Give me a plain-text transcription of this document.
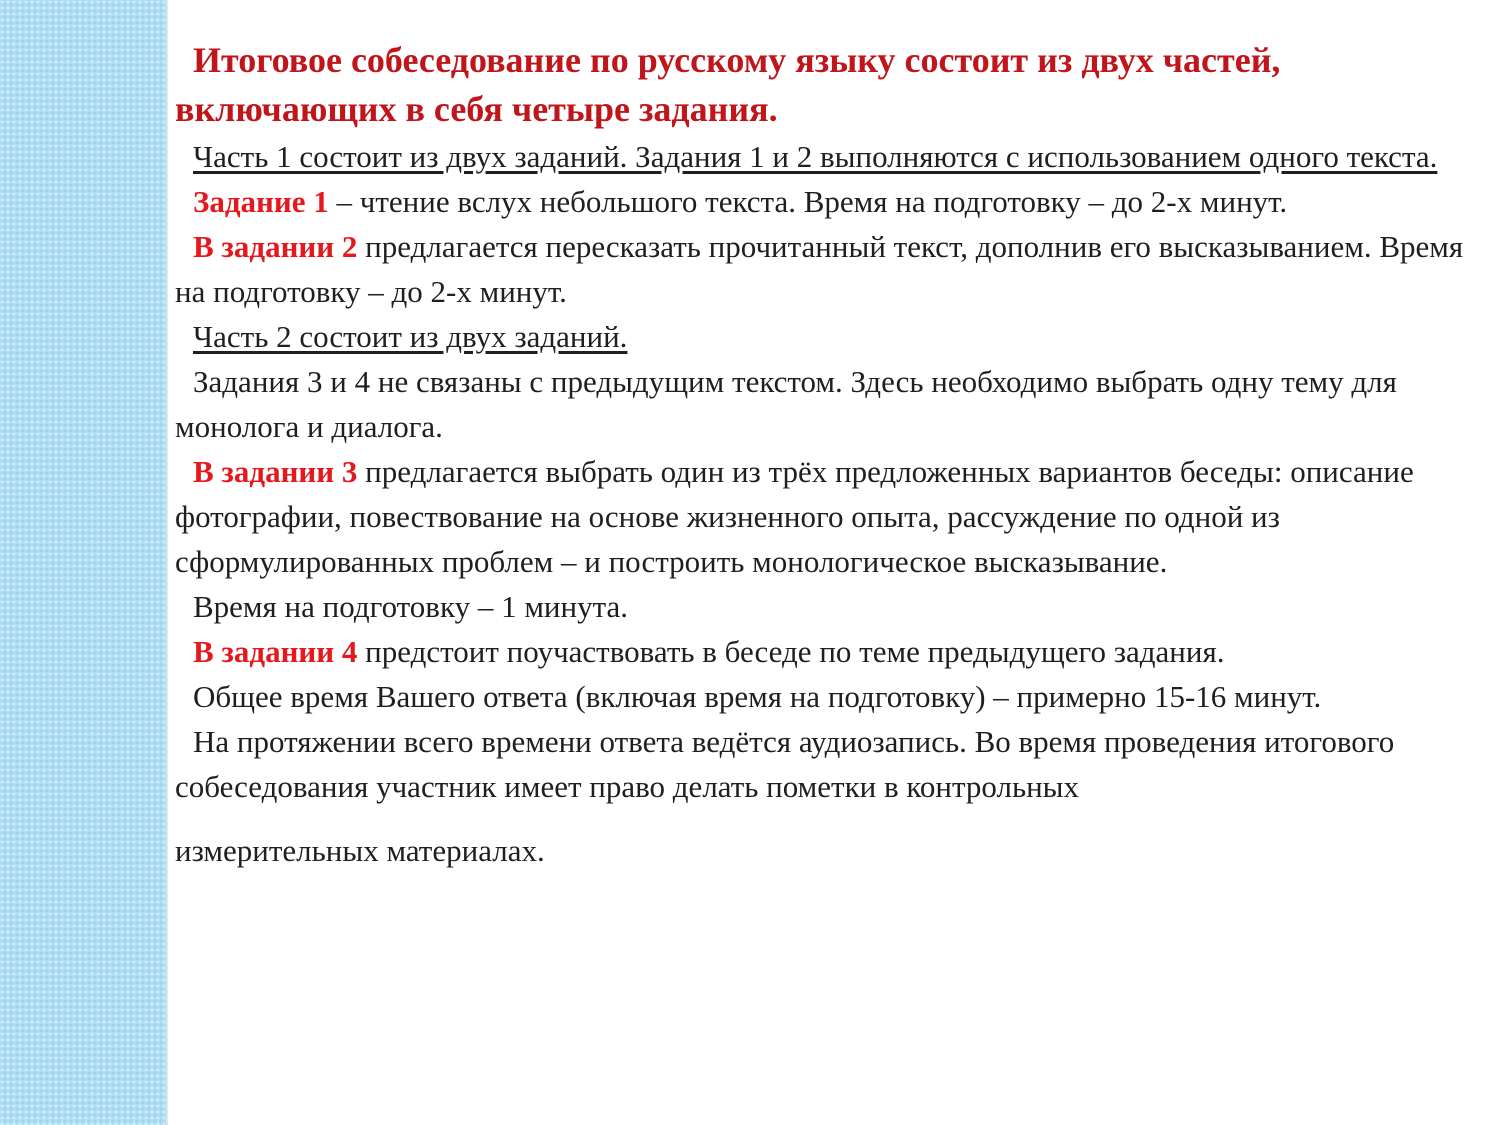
Итоговое собеседование по русскому языку состоит из двух частей, включающих в себя четыре задания.

Часть 1 состоит из двух заданий. Задания 1 и 2 выполняются с использованием одного текста.

Задание 1 – чтение вслух небольшого текста. Время на подготовку – до 2-х минут.

В задании 2 предлагается пересказать прочитанный текст, дополнив его высказыванием. Время на подготовку – до 2-х минут.

Часть 2 состоит из двух заданий.

Задания 3 и 4 не связаны с предыдущим текстом. Здесь необходимо выбрать одну тему для монолога и диалога.

В задании 3 предлагается выбрать один из трёх предложенных вариантов беседы: описание фотографии, повествование на основе жизненного опыта, рассуждение по одной из сформулированных проблем – и построить монологическое высказывание.

Время на подготовку – 1 минута.

В задании 4 предстоит поучаствовать в беседе по теме предыдущего задания.

Общее время Вашего ответа (включая время на подготовку) – примерно 15-16 минут.

На протяжении всего времени ответа ведётся аудиозапись. Во время проведения итогового собеседования участник имеет право делать пометки в контрольных

измерительных материалах.
